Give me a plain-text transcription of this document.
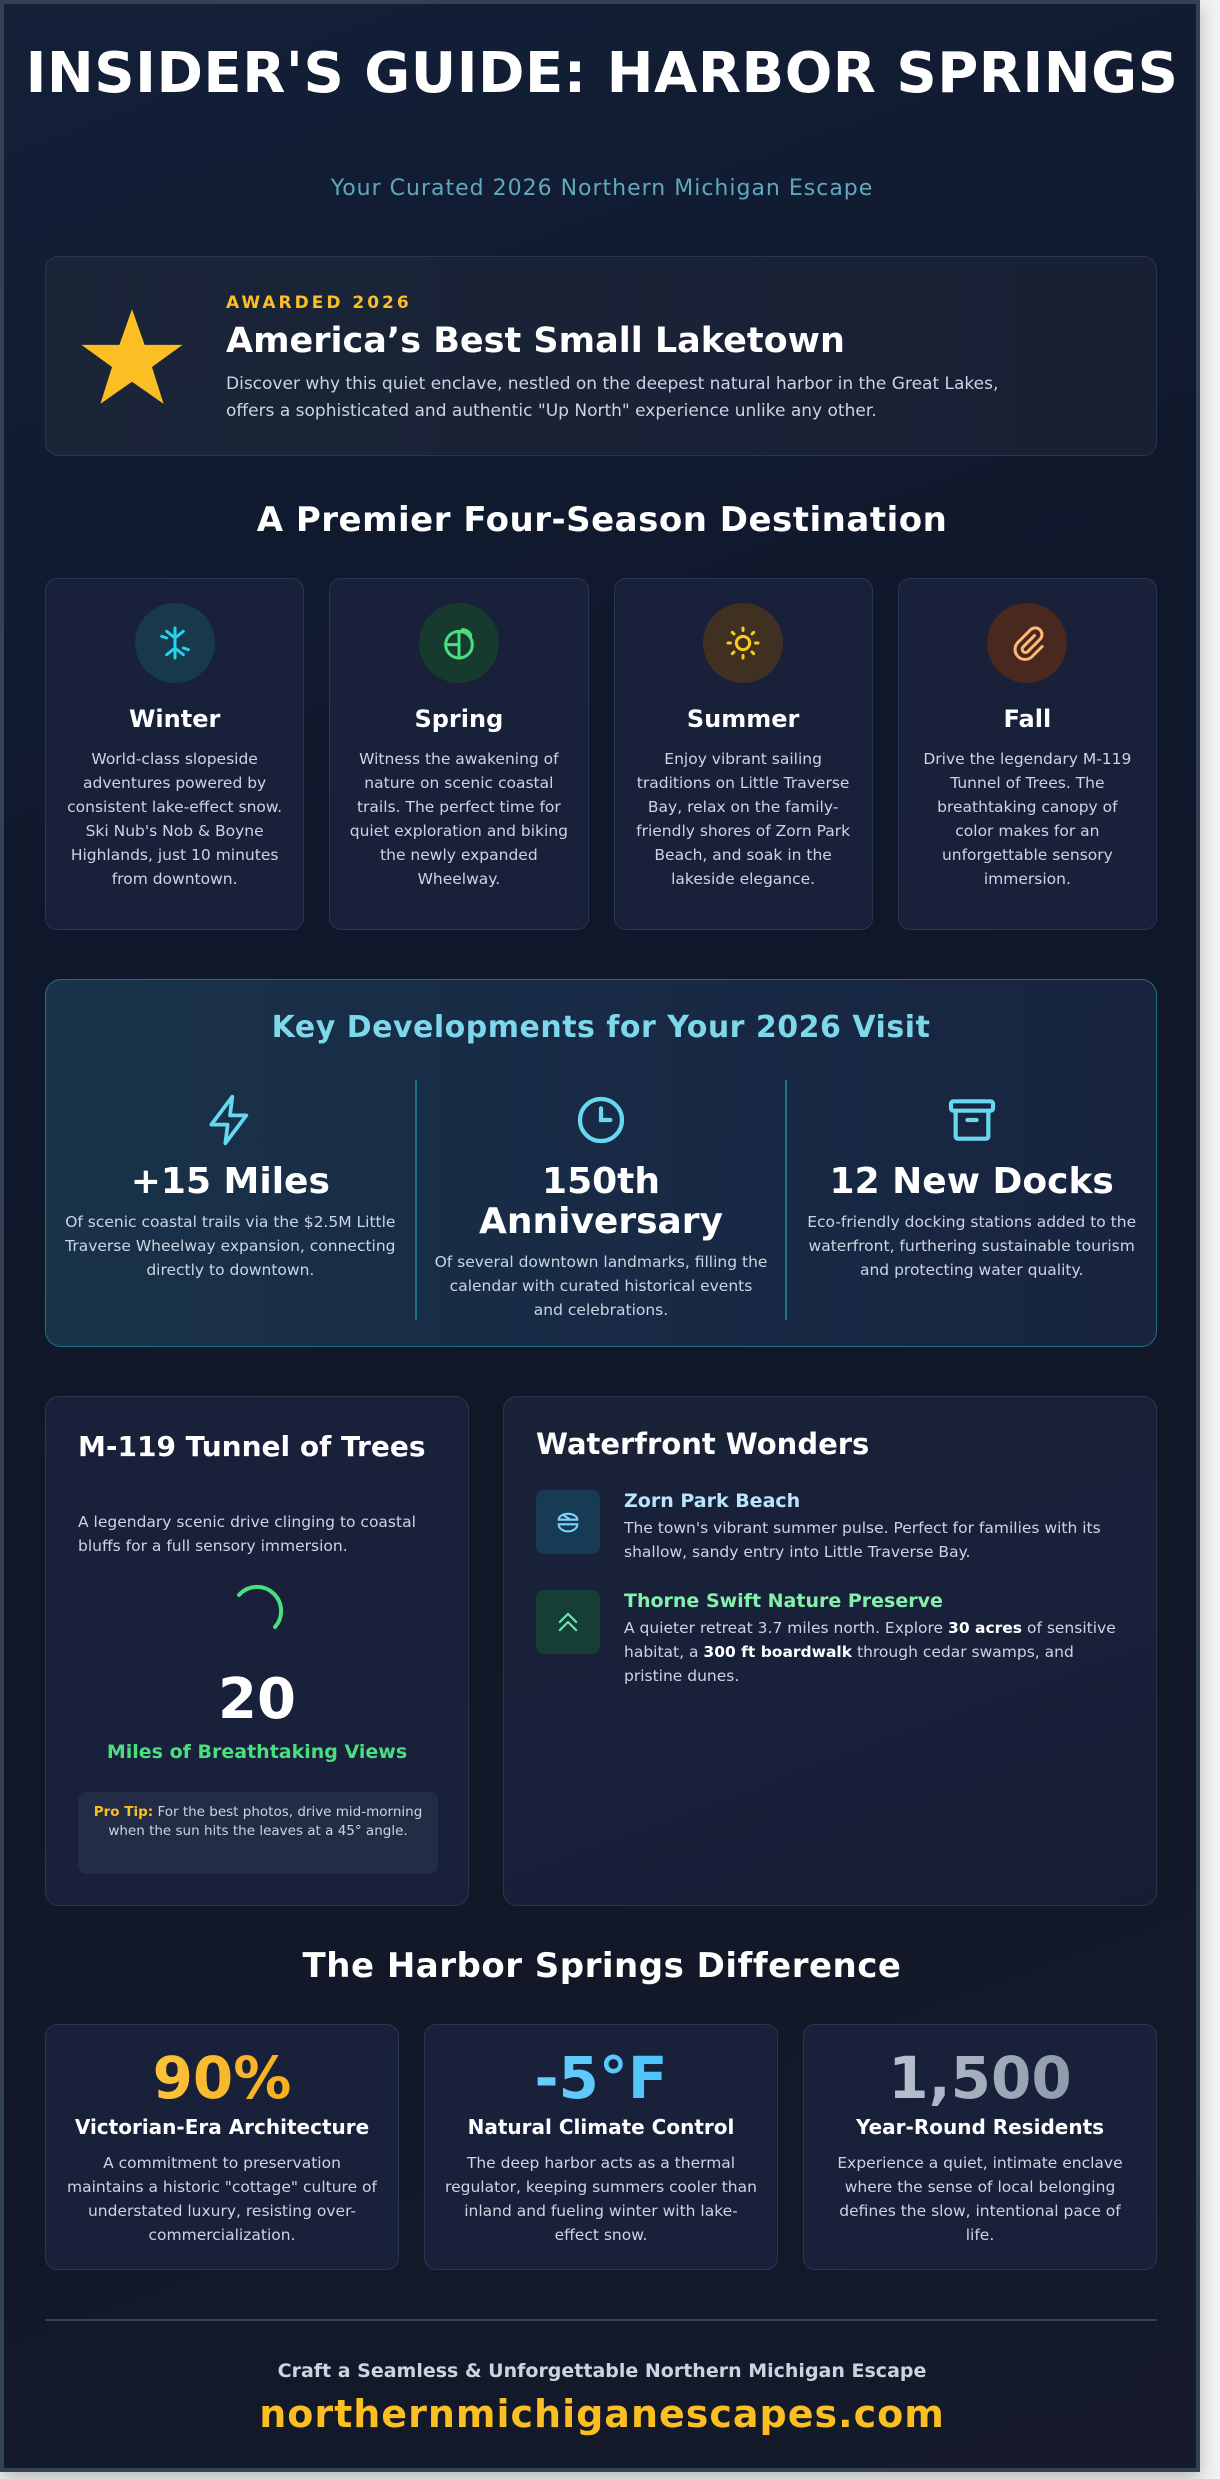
INSIDER'S GUIDE: HARBOR SPRINGS
Your Curated 2026 Northern Michigan Escape
AWARDED 2026
America’s Best Small Laketown
Discover why this quiet enclave, nestled on the deepest natural harbor in the Great Lakes, offers a sophisticated and authentic "Up North" experience unlike any other.
A Premier Four-Season Destination
Winter
World-class slopeside adventures powered by consistent lake-effect snow. Ski Nub's Nob & Boyne Highlands, just 10 minutes from downtown.
Spring
Witness the awakening of nature on scenic coastal trails. The perfect time for quiet exploration and biking the newly expanded Wheelway.
Summer
Enjoy vibrant sailing traditions on Little Traverse Bay, relax on the family-friendly shores of Zorn Park Beach, and soak in the lakeside elegance.
Fall
Drive the legendary M-119 Tunnel of Trees. The breathtaking canopy of color makes for an unforgettable sensory immersion.
Key Developments for Your 2026 Visit
+15 Miles
Of scenic coastal trails via the $2.5M Little Traverse Wheelway expansion, connecting directly to downtown.
150th Anniversary
Of several downtown landmarks, filling the calendar with curated historical events and celebrations.
12 New Docks
Eco-friendly docking stations added to the waterfront, furthering sustainable tourism and protecting water quality.
M-119 Tunnel of Trees
A legendary scenic drive clinging to coastal bluffs for a full sensory immersion.
20
Miles of Breathtaking Views
Pro Tip: For the best photos, drive mid-morning when the sun hits the leaves at a 45° angle.
Waterfront Wonders
Zorn Park Beach
The town's vibrant summer pulse. Perfect for families with its shallow, sandy entry into Little Traverse Bay.
Thorne Swift Nature Preserve
A quieter retreat 3.7 miles north. Explore 30 acres of sensitive habitat, a 300 ft boardwalk through cedar swamps, and pristine dunes.
The Harbor Springs Difference
90%
Victorian-Era Architecture
A commitment to preservation maintains a historic "cottage" culture of understated luxury, resisting over-commercialization.
-5°F
Natural Climate Control
The deep harbor acts as a thermal regulator, keeping summers cooler than inland and fueling winter with lake-effect snow.
1,500
Year-Round Residents
Experience a quiet, intimate enclave where the sense of local belonging defines the slow, intentional pace of life.
Craft a Seamless & Unforgettable Northern Michigan Escape
northernmichiganescapes.com
